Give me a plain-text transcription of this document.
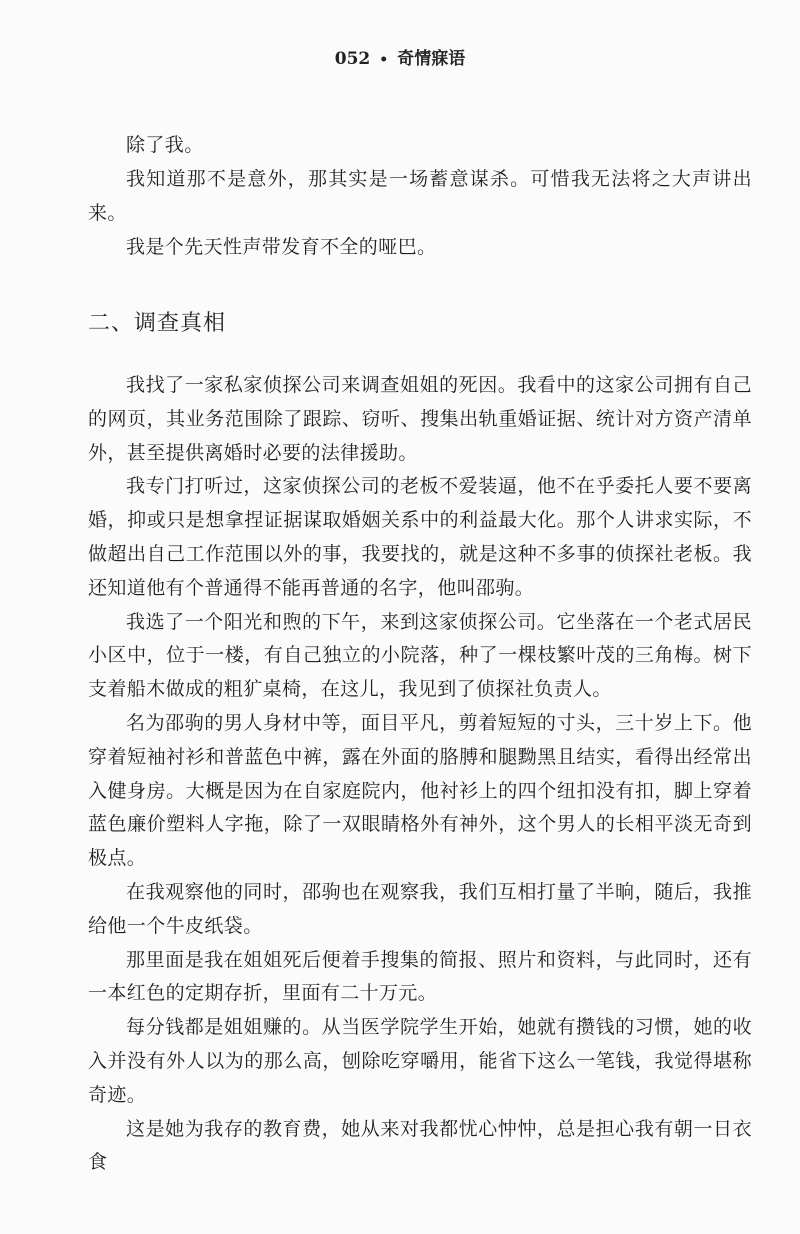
052 • 奇情寐语

除了我。

我知道那不是意外，那其实是一场蓄意谋杀。可惜我无法将之大声讲出来。

我是个先天性声带发育不全的哑巴。

二、调查真相

我找了一家私家侦探公司来调查姐姐的死因。我看中的这家公司拥有自己的网页，其业务范围除了跟踪、窃听、搜集出轨重婚证据、统计对方资产清单外，甚至提供离婚时必要的法律援助。

我专门打听过，这家侦探公司的老板不爱装逼，他不在乎委托人要不要离婚，抑或只是想拿捏证据谋取婚姻关系中的利益最大化。那个人讲求实际，不做超出自己工作范围以外的事，我要找的，就是这种不多事的侦探社老板。我还知道他有个普通得不能再普通的名字，他叫邵驹。

我选了一个阳光和煦的下午，来到这家侦探公司。它坐落在一个老式居民小区中，位于一楼，有自己独立的小院落，种了一棵枝繁叶茂的三角梅。树下支着船木做成的粗犷桌椅，在这儿，我见到了侦探社负责人。

名为邵驹的男人身材中等，面目平凡，剪着短短的寸头，三十岁上下。他穿着短袖衬衫和普蓝色中裤，露在外面的胳膊和腿黝黑且结实，看得出经常出入健身房。大概是因为在自家庭院内，他衬衫上的四个纽扣没有扣，脚上穿着蓝色廉价塑料人字拖，除了一双眼睛格外有神外，这个男人的长相平淡无奇到极点。

在我观察他的同时，邵驹也在观察我，我们互相打量了半晌，随后，我推给他一个牛皮纸袋。

那里面是我在姐姐死后便着手搜集的简报、照片和资料，与此同时，还有一本红色的定期存折，里面有二十万元。

每分钱都是姐姐赚的。从当医学院学生开始，她就有攒钱的习惯，她的收入并没有外人以为的那么高，刨除吃穿嚼用，能省下这么一笔钱，我觉得堪称奇迹。

这是她为我存的教育费，她从来对我都忧心忡忡，总是担心我有朝一日衣食
